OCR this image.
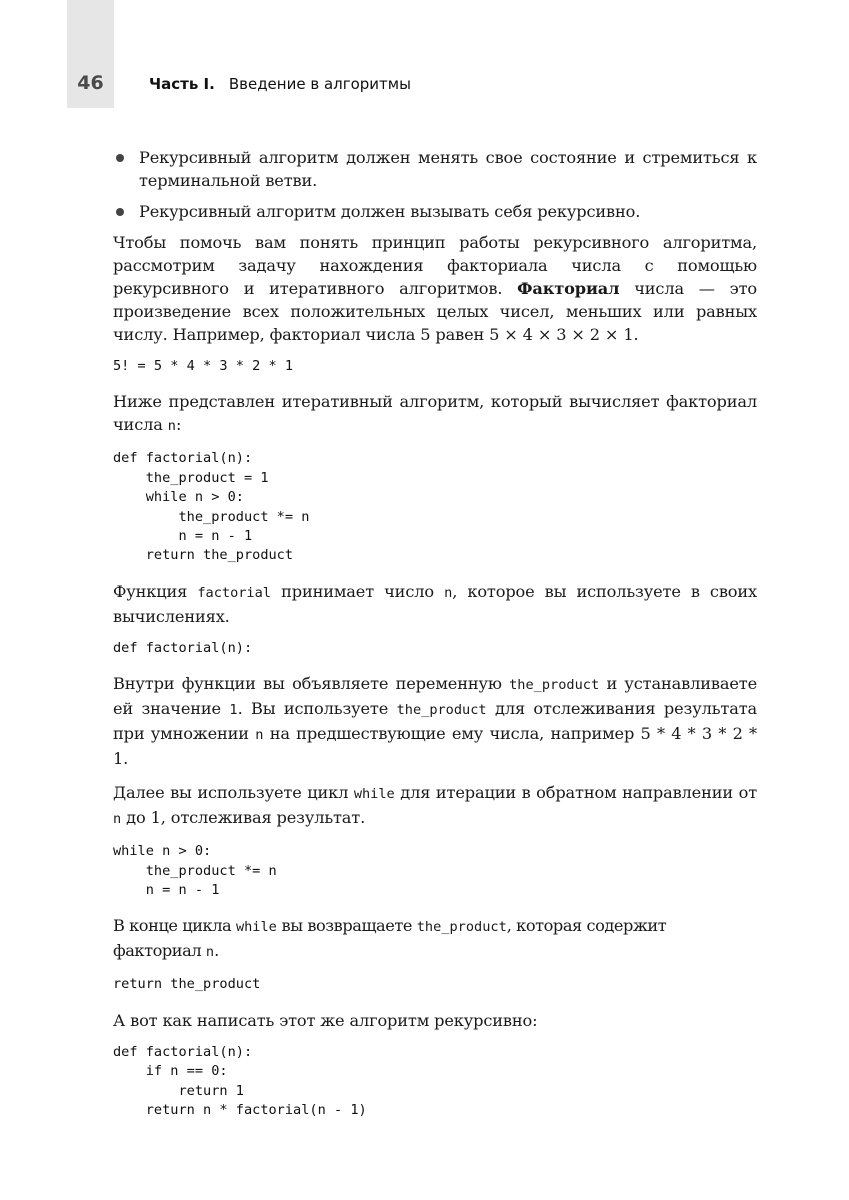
46	Часть I. Введение в алгоритмы
Рекурсивный алгоритм должен менять свое состояние и стремиться к терминальной ветви.
Рекурсивный алгоритм должен вызывать себя рекурсивно.

Чтобы помочь вам понять принцип работы рекурсивного алгоритма, рассмотрим задачу нахождения факториала числа с помощью рекурсивного и итеративного алгоритмов. Факториал числа — это произведение всех положительных целых чисел, меньших или равных числу. Например, факториал числа 5 равен 5 × 4 × 3 × 2 × 1.

5! = 5 * 4 * 3 * 2 * 1

Ниже представлен итеративный алгоритм, который вычисляет факториал числа n:

def factorial(n):
the_product = 1
while n > 0:
the_product *= n
n = n - 1
return the_product

Функция factorial принимает число n, которое вы используете в своих вычислениях.

def factorial(n):

Внутри функции вы объявляете переменную the_product и устанавливаете ей значение 1. Вы используете the_product для отслеживания результата при умножении n на предшествующие ему числа, например 5 * 4 * 3 * 2 * 1.

Далее вы используете цикл while для итерации в обратном направлении от n до 1, отслеживая результат.

while n > 0:
the_product *= n
n = n - 1

В конце цикла while вы возвращаете the_product, которая содержит факториал n.

return the_product

А вот как написать этот же алгоритм рекурсивно:

def factorial(n):
if n == 0:
return 1
return n * factorial(n - 1)
